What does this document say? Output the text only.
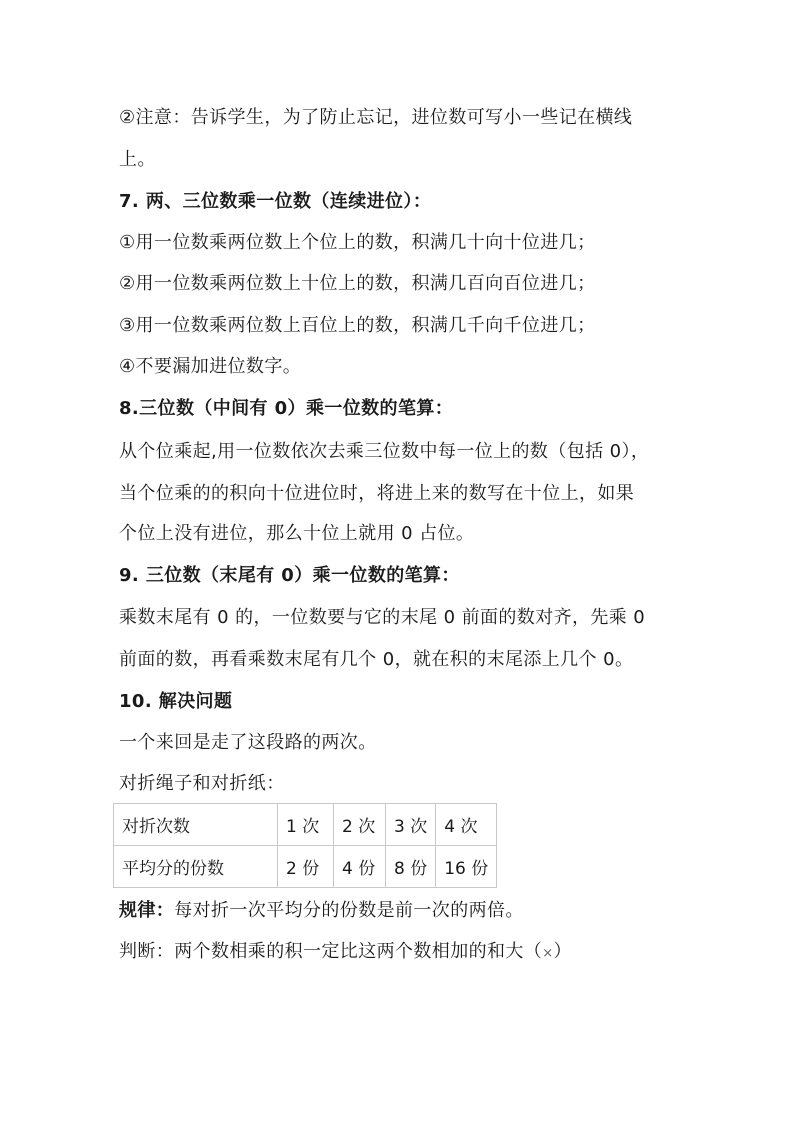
②注意：告诉学生，为了防止忘记，进位数可写小一些记在横线
上。
7. 两、三位数乘一位数（连续进位）：
①用一位数乘两位数上个位上的数，积满几十向十位进几；
②用一位数乘两位数上十位上的数，积满几百向百位进几；
③用一位数乘两位数上百位上的数，积满几千向千位进几；
④不要漏加进位数字。
8.三位数（中间有 0）乘一位数的笔算：
从个位乘起,用一位数依次去乘三位数中每一位上的数（包括 0），
当个位乘的的积向十位进位时，将进上来的数写在十位上，如果
个位上没有进位，那么十位上就用 0 占位。
9. 三位数（末尾有 0）乘一位数的笔算：
乘数末尾有 0 的，一位数要与它的末尾 0 前面的数对齐，先乘 0
前面的数，再看乘数末尾有几个 0，就在积的末尾添上几个 0。
10. 解决问题
一个来回是走了这段路的两次。
对折绳子和对折纸：
对折次数	1 次	2 次	3 次	4 次
平均分的份数	2 份	4 份	8 份	16 份
规律：每对折一次平均分的份数是前一次的两倍。
判断：两个数相乘的积一定比这两个数相加的和大（×）
